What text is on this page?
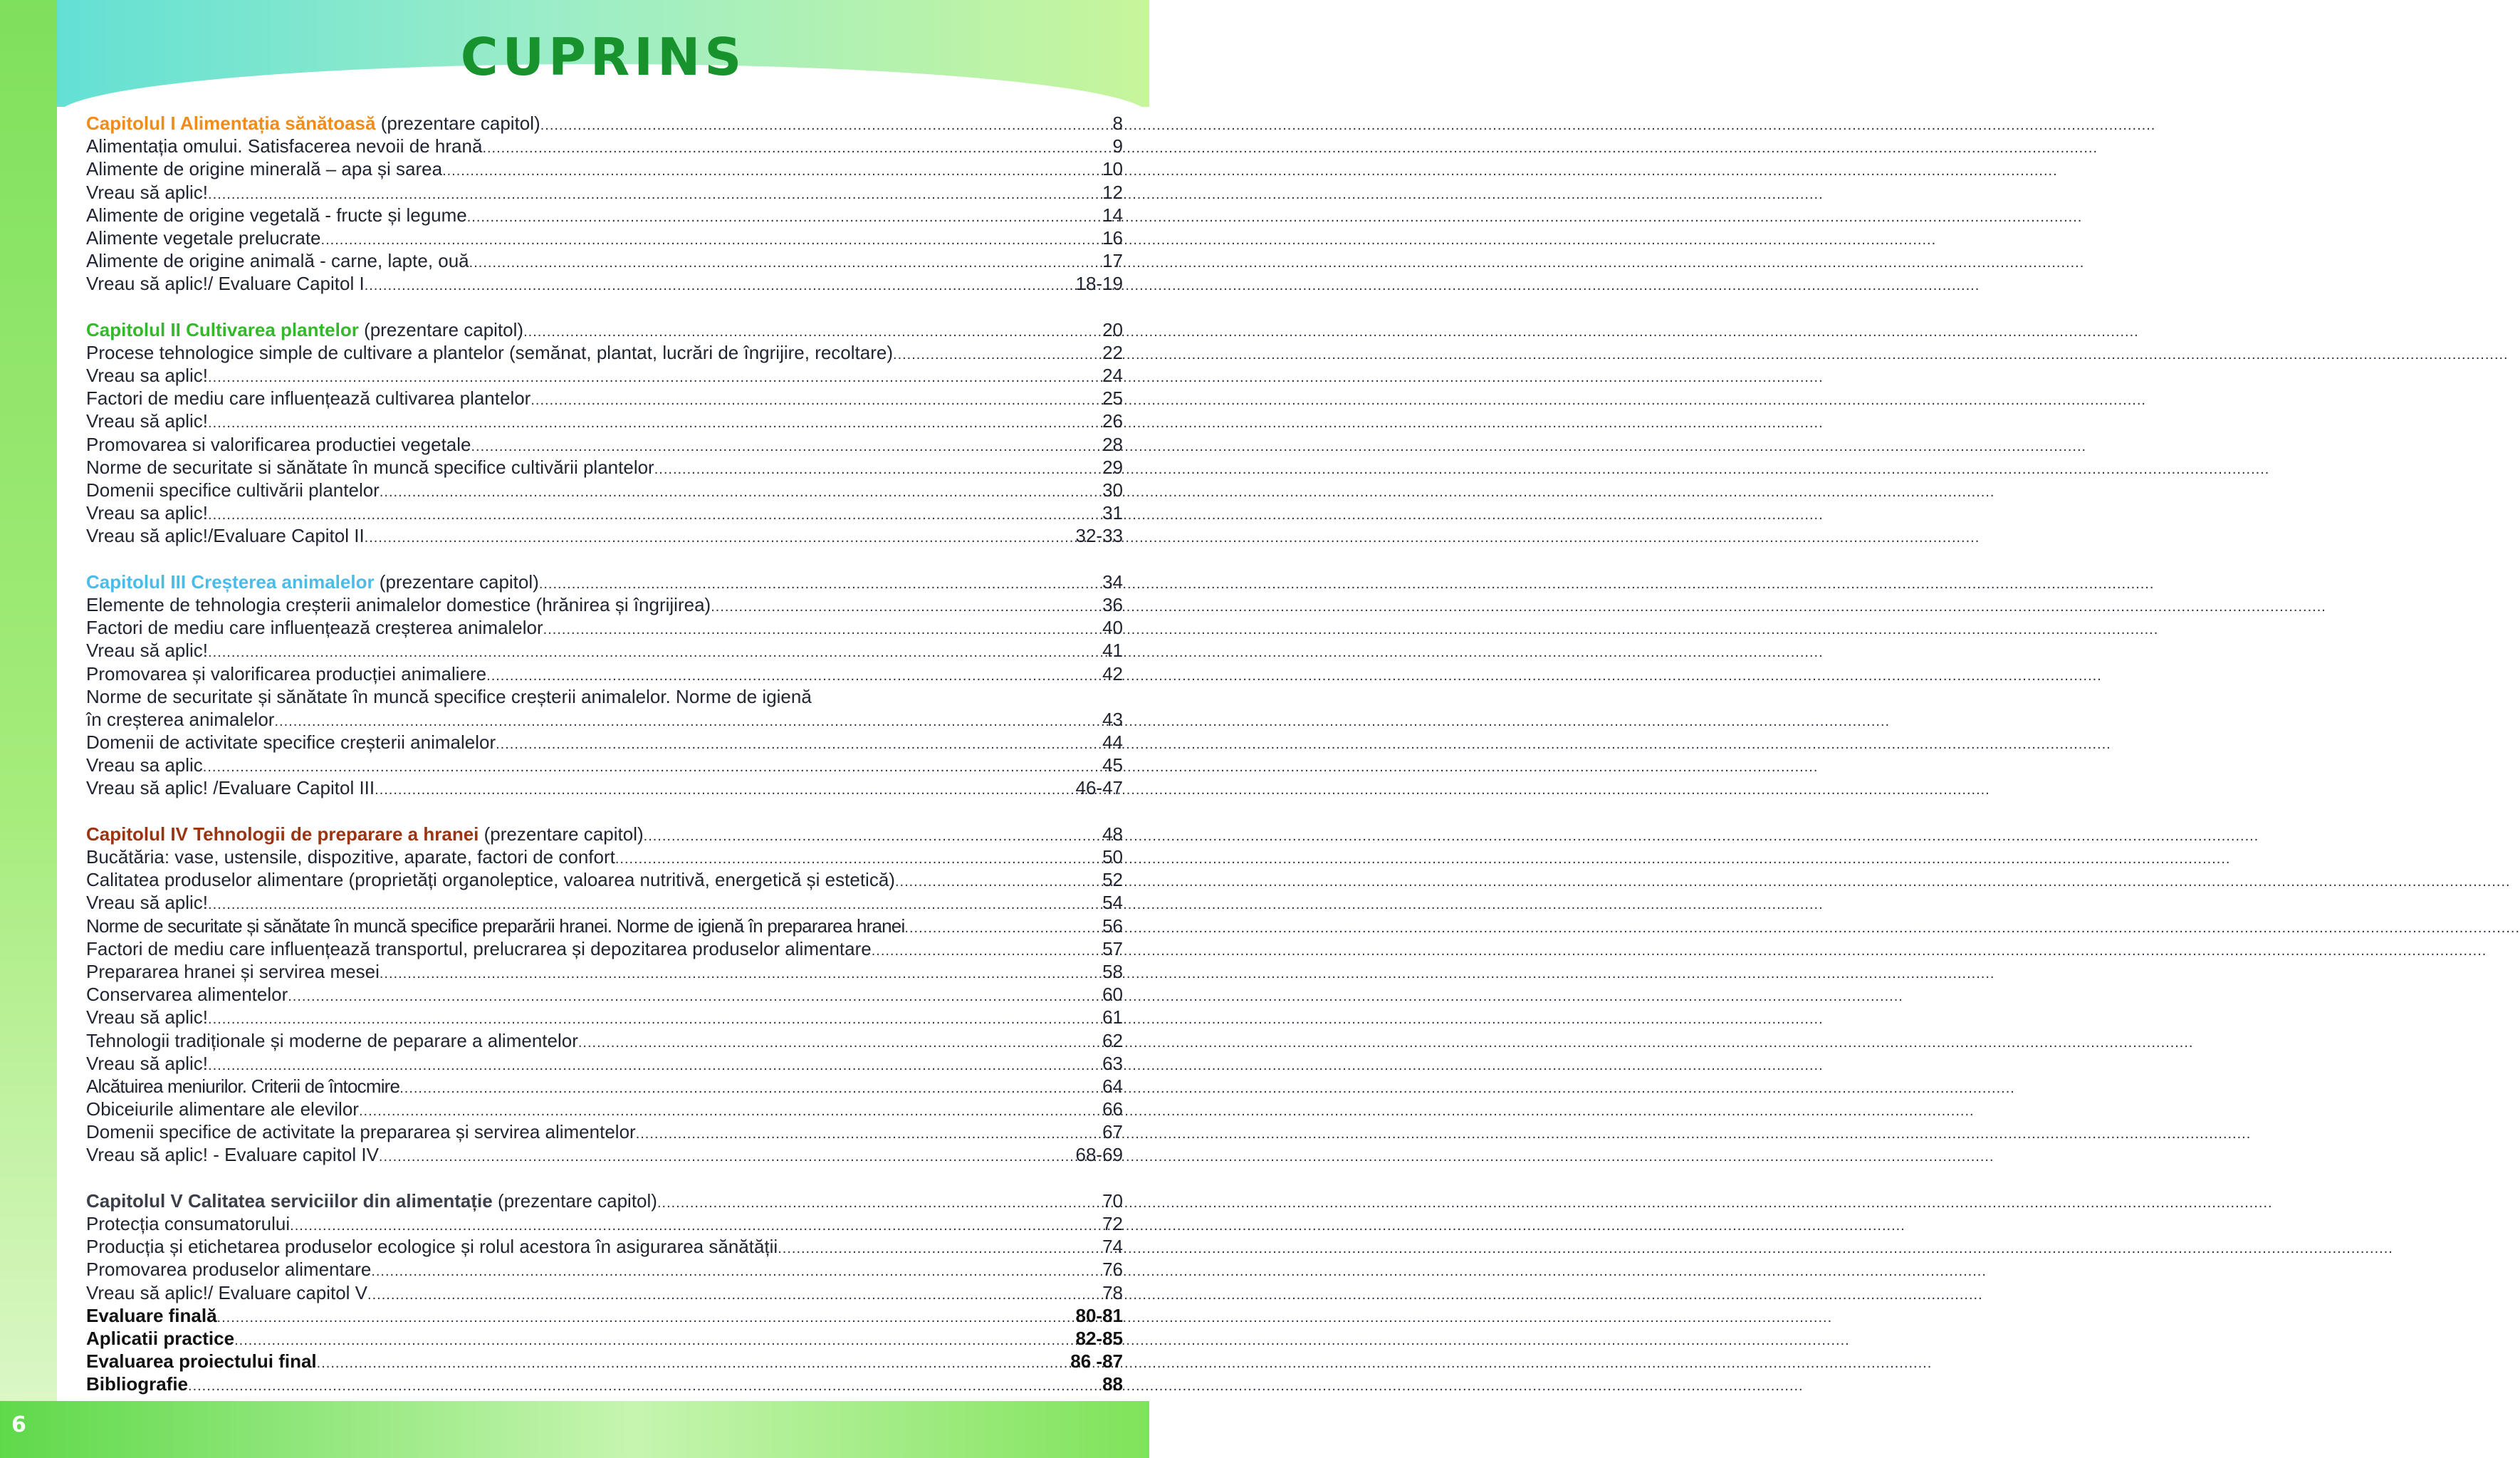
CUPRINS
Capitolul I Alimentația sănătoasă (prezentare capitol) .....	8
Alimentația omului. Satisfacerea nevoii de hrană .....	9
Alimente de origine minerală – apa și sarea .....	10
Vreau să aplic! .....	12
Alimente de origine vegetală - fructe și legume .....	14
Alimente vegetale prelucrate .....	16
Alimente de origine animală - carne, lapte, ouă .....	17
Vreau să aplic!/ Evaluare Capitol I .....	18-19
Capitolul II Cultivarea plantelor (prezentare capitol) .....	20
Procese tehnologice simple de cultivare a plantelor (semănat, plantat, lucrări de îngrijire, recoltare) .....	22
Vreau sa aplic! .....	24
Factori de mediu care influențează cultivarea plantelor .....	25
Vreau să aplic! .....	26
Promovarea si valorificarea productiei vegetale .....	28
Norme de securitate si sănătate în muncă specifice cultivării plantelor .....	29
Domenii specifice cultivării plantelor .....	30
Vreau sa aplic! .....	31
Vreau să aplic!/Evaluare Capitol II .....	32-33
Capitolul III Creșterea animalelor (prezentare capitol) .....	34
Elemente de tehnologia creșterii animalelor domestice (hrănirea și îngrijirea) .....	36
Factori de mediu care influențează creșterea animalelor .....	40
Vreau să aplic! .....	41
Promovarea și valorificarea producției animaliere .....	42
Norme de securitate și sănătate în muncă specifice creșterii animalelor. Norme de igienă
în creșterea animalelor .....	43
Domenii de activitate specifice creșterii animalelor .....	44
Vreau sa aplic .....	45
Vreau să aplic! /Evaluare Capitol III .....	46-47
Capitolul IV Tehnologii de preparare a hranei (prezentare capitol) .....	48
Bucătăria: vase, ustensile, dispozitive, aparate, factori de confort .....	50
Calitatea produselor alimentare (proprietăți organoleptice, valoarea nutritivă, energetică și estetică) .....	52
Vreau să aplic! .....	54
Norme de securitate și sănătate în muncă specifice preparării hranei. Norme de igienă în prepararea hranei .....	56
Factori de mediu care influențează transportul, prelucrarea și depozitarea produselor alimentare .....	57
Prepararea hranei și servirea mesei .....	58
Conservarea alimentelor .....	60
Vreau să aplic! .....	61
Tehnologii tradiționale și moderne de peparare a alimentelor .....	62
Vreau să aplic! .....	63
Alcătuirea meniurilor. Criterii de întocmire .....	64
Obiceiurile alimentare ale elevilor .....	66
Domenii specifice de activitate la prepararea și servirea alimentelor .....	67
Vreau să aplic! - Evaluare capitol IV .....	68-69
Capitolul V Calitatea serviciilor din alimentație (prezentare capitol) .....	70
Protecția consumatorului .....	72
Producția și etichetarea produselor ecologice și rolul acestora în asigurarea sănătății .....	74
Promovarea produselor alimentare .....	76
Vreau să aplic!/ Evaluare capitol V .....	78
Evaluare finală .....	80-81
Aplicatii practice .....	82-85
Evaluarea proiectului final .....	86 -87
Bibliografie .....	88
6
